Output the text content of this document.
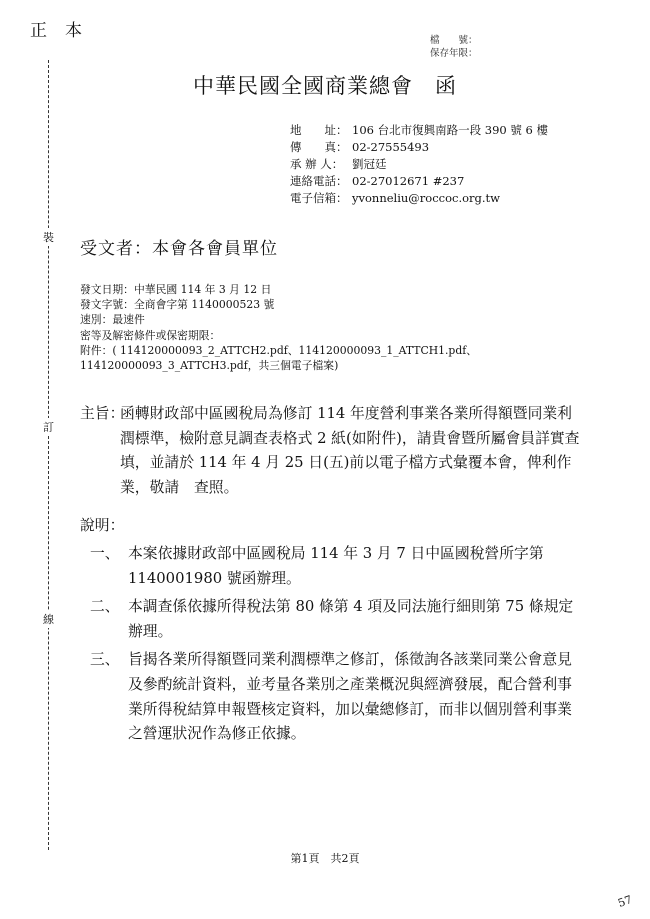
正本	檔　　號：
保存年限：
中華民國全國商業總會　函
地　　址： 106 台北市復興南路一段 390 號 6 樓
傳　　真： 02-27555493
承 辦 人： 劉冠廷
連絡電話： 02-27012671 #237
電子信箱： yvonneliu@roccoc.org.tw
裝
訂
線
受文者：本會各會員單位
發文日期：中華民國 114 年 3 月 12 日
發文字號：全商會字第 1140000523 號
速別：最速件
密等及解密條件或保密期限：
附件：( 114120000093_2_ATTCH2.pdf、114120000093_1_ATTCH1.pdf、
114120000093_3_ATTCH3.pdf，共三個電子檔案)
主旨：
函轉財政部中區國稅局為修訂 114 年度營利事業各業所得額暨同業利潤標準，檢附意見調查表格式 2 紙(如附件)，請貴會暨所屬會員詳實查填，並請於 114 年 4 月 25 日(五)前以電子檔方式彙覆本會，俾利作業，敬請　查照。
說明：
一、 本案依據財政部中區國稅局 114 年 3 月 7 日中區國稅營所字第 1140001980 號函辦理。
二、 本調查係依據所得稅法第 80 條第 4 項及同法施行細則第 75 條規定辦理。
三、 旨揭各業所得額暨同業利潤標準之修訂，係徵詢各該業同業公會意見及參酌統計資料，並考量各業別之產業概況與經濟發展，配合營利事業所得稅結算申報暨核定資料，加以彙總修訂，而非以個別營利事業之營運狀況作為修正依據。
第1頁　共2頁
57
